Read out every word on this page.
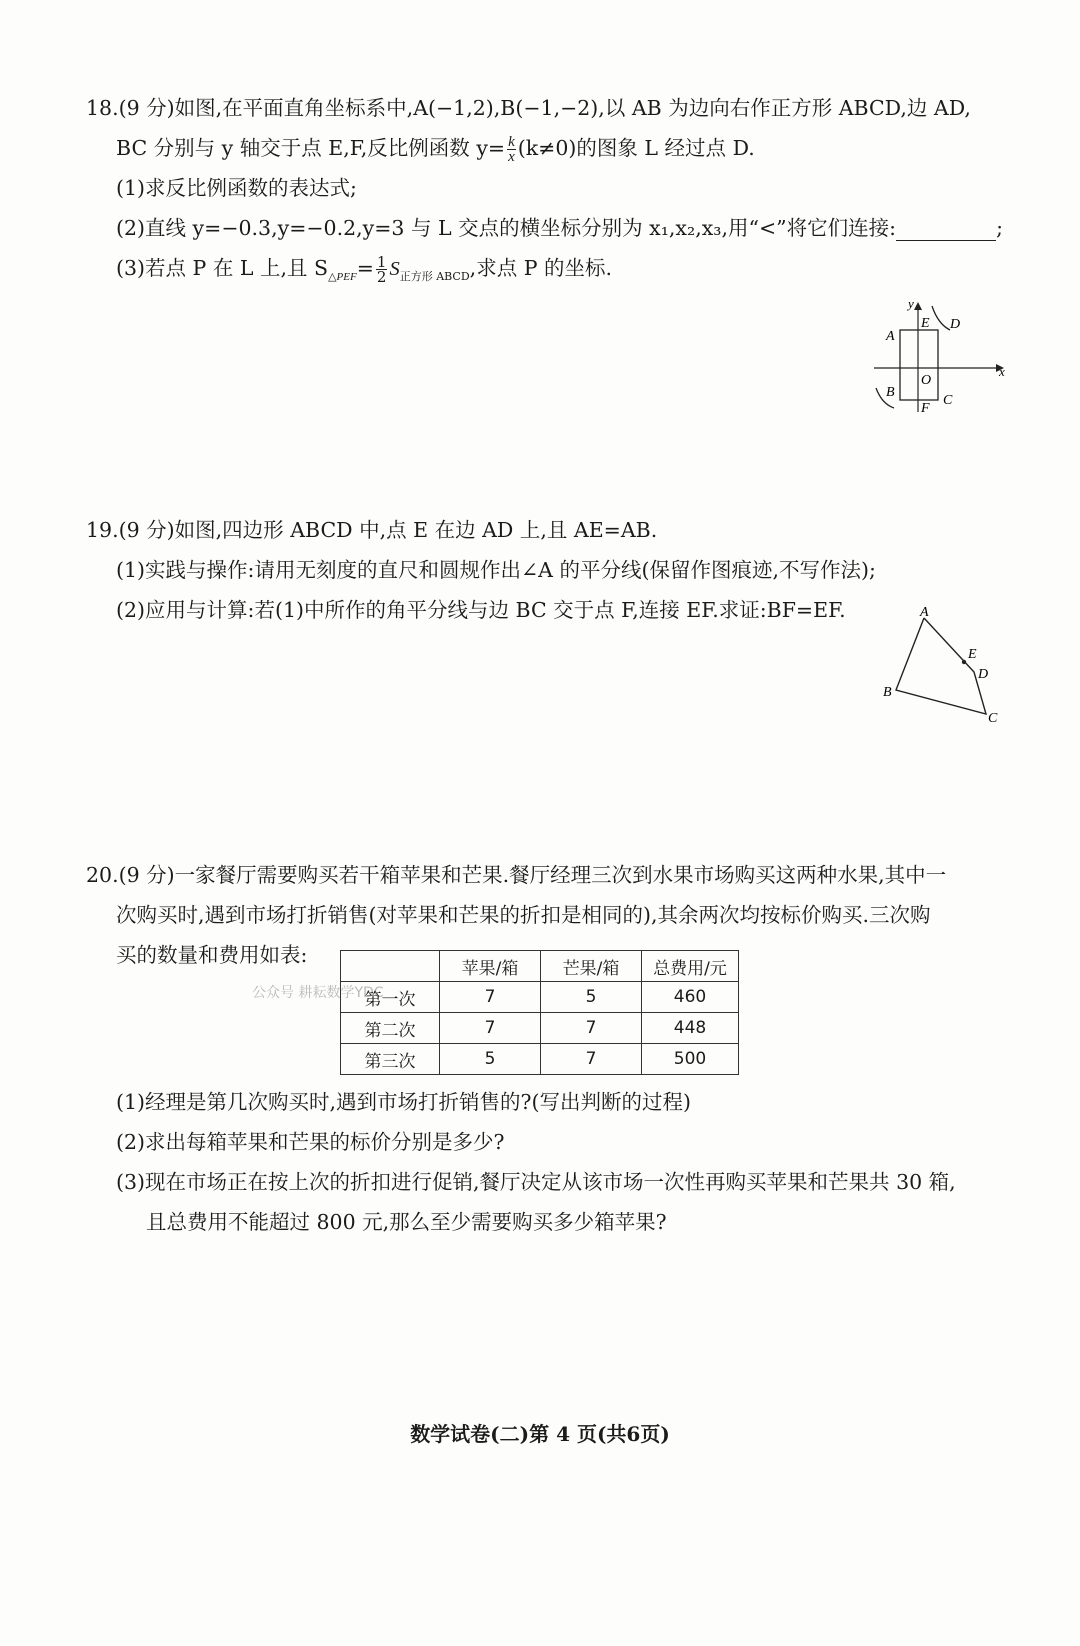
18.(9 分)如图,在平面直角坐标系中,A(−1,2),B(−1,−2),以 AB 为边向右作正方形 ABCD,边 AD,
BC 分别与 y 轴交于点 E,F,反比例函数 $y= \frac{k}{x} (k\ne 0)$的图象 L 经过点 D.
(1)求反比例函数的表达式;
(2)直线 y=−0.3,y=−0.2,y=3 与 L 交点的横坐标分别为 x₁,x₂,x₃,用“<”将它们连接:	;
(3)若点 P 在 L 上,且 $S_{\triangle PEF}= \frac{1}{2} S_{正方形 ABCD}$,求点 P 的坐标.
y
x
A
E D
O
B
F
C
19.(9 分)如图,四边形 ABCD 中,点 E 在边 AD 上,且 AE=AB.
(1)实践与操作:请用无刻度的直尺和圆规作出∠A 的平分线(保留作图痕迹,不写作法);
(2)应用与计算:若(1)中所作的角平分线与边 BC 交于点 F,连接 EF.求证:BF=EF.	A
E
D
B
C
20.(9 分)一家餐厅需要购买若干箱苹果和芒果.餐厅经理三次到水果市场购买这两种水果,其中一
次购买时,遇到市场打折销售(对苹果和芒果的折扣是相同的),其余两次均按标价购买.三次购
买的数量和费用如表:
公众号 耕耘数学YDC
	苹果/箱	芒果/箱	总费用/元
第一次	7	5	460
第二次	7	7	448
第三次	5	7	500
(1)经理是第几次购买时,遇到市场打折销售的?(写出判断的过程)
(2)求出每箱苹果和芒果的标价分别是多少?
(3)现在市场正在按上次的折扣进行促销,餐厅决定从该市场一次性再购买苹果和芒果共 30 箱,
且总费用不能超过 800 元,那么至少需要购买多少箱苹果?
数学试卷(二)第 4 页(共6页)
